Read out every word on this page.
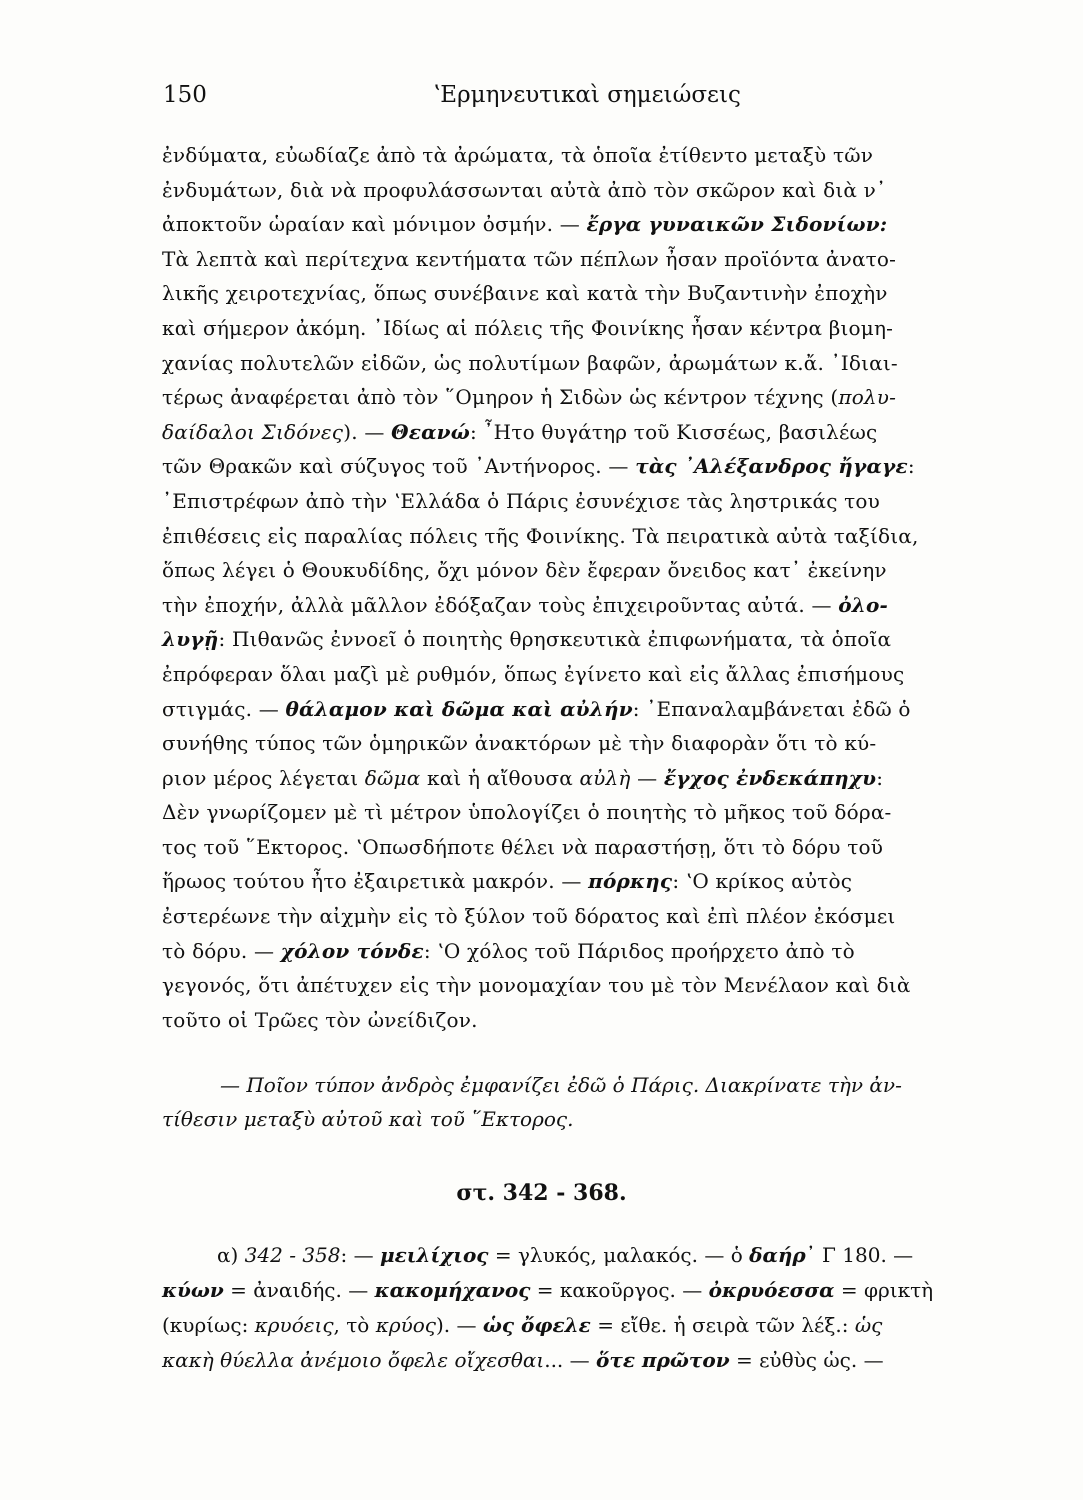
150	ʽΕρμηνευτικαὶ σημειώσεις
ἐνδύματα, εὐωδίαζε ἀπὸ τὰ ἀρώματα, τὰ ὁποῖα ἐτίθεντο μεταξὺ τῶν
ἐνδυμάτων, διὰ νὰ προφυλάσσωνται αὐτὰ ἀπὸ τὸν σκῶρον καὶ διὰ ν᾽
ἀποκτοῦν ὡραίαν καὶ μόνιμον ὀσμήν. — ἔργα γυναικῶν Σιδονίων:
Τὰ λεπτὰ καὶ περίτεχνα κεντήματα τῶν πέπλων ἦσαν προϊόντα ἀνατο-
λικῆς χειροτεχνίας, ὅπως συνέβαινε καὶ κατὰ τὴν Βυζαντινὴν ἐποχὴν
καὶ σήμερον ἀκόμη. ᾽Ιδίως αἱ πόλεις τῆς Φοινίκης ἦσαν κέντρα βιομη-
χανίας πολυτελῶν εἰδῶν, ὡς πολυτίμων βαφῶν, ἀρωμάτων κ.ἄ. ᾽Ιδιαι-
τέρως ἀναφέρεται ἀπὸ τὸν ῞Ομηρον ἡ Σιδὼν ὡς κέντρον τέχνης (πολυ-
δαίδαλοι Σιδόνες). — Θεανώ: ῏Ητο θυγάτηρ τοῦ Κισσέως, βασιλέως
τῶν Θρακῶν καὶ σύζυγος τοῦ ᾽Αντήνορος. — τὰς ᾽Αλέξανδρος ἤγαγε:
᾽Επιστρέφων ἀπὸ τὴν ʽΕλλάδα ὁ Πάρις ἐσυνέχισε τὰς ληστρικάς του
ἐπιθέσεις εἰς παραλίας πόλεις τῆς Φοινίκης. Τὰ πειρατικὰ αὐτὰ ταξίδια,
ὅπως λέγει ὁ Θουκυδίδης, ὄχι μόνον δὲν ἔφεραν ὄνειδος κατ᾽ ἐκείνην
τὴν ἐποχήν, ἀλλὰ μᾶλλον ἐδόξαζαν τοὺς ἐπιχειροῦντας αὐτά. — ὀλο-
λυγῇ: Πιθανῶς ἐννοεῖ ὁ ποιητὴς θρησκευτικὰ ἐπιφωνήματα, τὰ ὁποῖα
ἐπρόφεραν ὅλαι μαζὶ μὲ ρυθμόν, ὅπως ἐγίνετο καὶ εἰς ἄλλας ἐπισήμους
στιγμάς. — θάλαμον καὶ δῶμα καὶ αὐλήν: ᾽Επαναλαμβάνεται ἐδῶ ὁ
συνήθης τύπος τῶν ὁμηρικῶν ἀνακτόρων μὲ τὴν διαφορὰν ὅτι τὸ κύ-
ριον μέρος λέγεται δῶμα καὶ ἡ αἴθουσα αὐλὴ — ἔγχος ἐνδεκάπηχυ:
Δὲν γνωρίζομεν μὲ τὶ μέτρον ὑπολογίζει ὁ ποιητὴς τὸ μῆκος τοῦ δόρα-
τος τοῦ ῞Εκτορος. ʽΟπωσδήποτε θέλει νὰ παραστήσῃ, ὅτι τὸ δόρυ τοῦ
ἥρωος τούτου ἦτο ἐξαιρετικὰ μακρόν. — πόρκης: ʽΟ κρίκος αὐτὸς
ἐστερέωνε τὴν αἰχμὴν εἰς τὸ ξύλον τοῦ δόρατος καὶ ἐπὶ πλέον ἐκόσμει
τὸ δόρυ. — χόλον τόνδε: ʽΟ χόλος τοῦ Πάριδος προήρχετο ἀπὸ τὸ
γεγονός, ὅτι ἀπέτυχεν εἰς τὴν μονομαχίαν του μὲ τὸν Μενέλαον καὶ διὰ
τοῦτο οἱ Τρῶες τὸν ὠνείδιζον.
— Ποῖον τύπον ἀνδρὸς ἐμφανίζει ἐδῶ ὁ Πάρις. Διακρίνατε τὴν ἀν-
τίθεσιν μεταξὺ αὐτοῦ καὶ τοῦ ῞Εκτορος.
στ. 342 - 368.
α) 342 - 358: — μειλίχιος = γλυκός, μαλακός. — ὁ δαήρ᾽ Γ 180. —
κύων = ἀναιδής. — κακομήχανος = κακοῦργος. — ὀκρυόεσσα = φρικτὴ
(κυρίως: κρυόεις, τὸ κρύος). — ὡς ὄφελε = εἴθε. ἡ σειρὰ τῶν λέξ.: ὡς
κακὴ θύελλα ἀνέμοιο ὄφελε οἴχεσθαι... — ὅτε πρῶτον = εὐθὺς ὡς. —
